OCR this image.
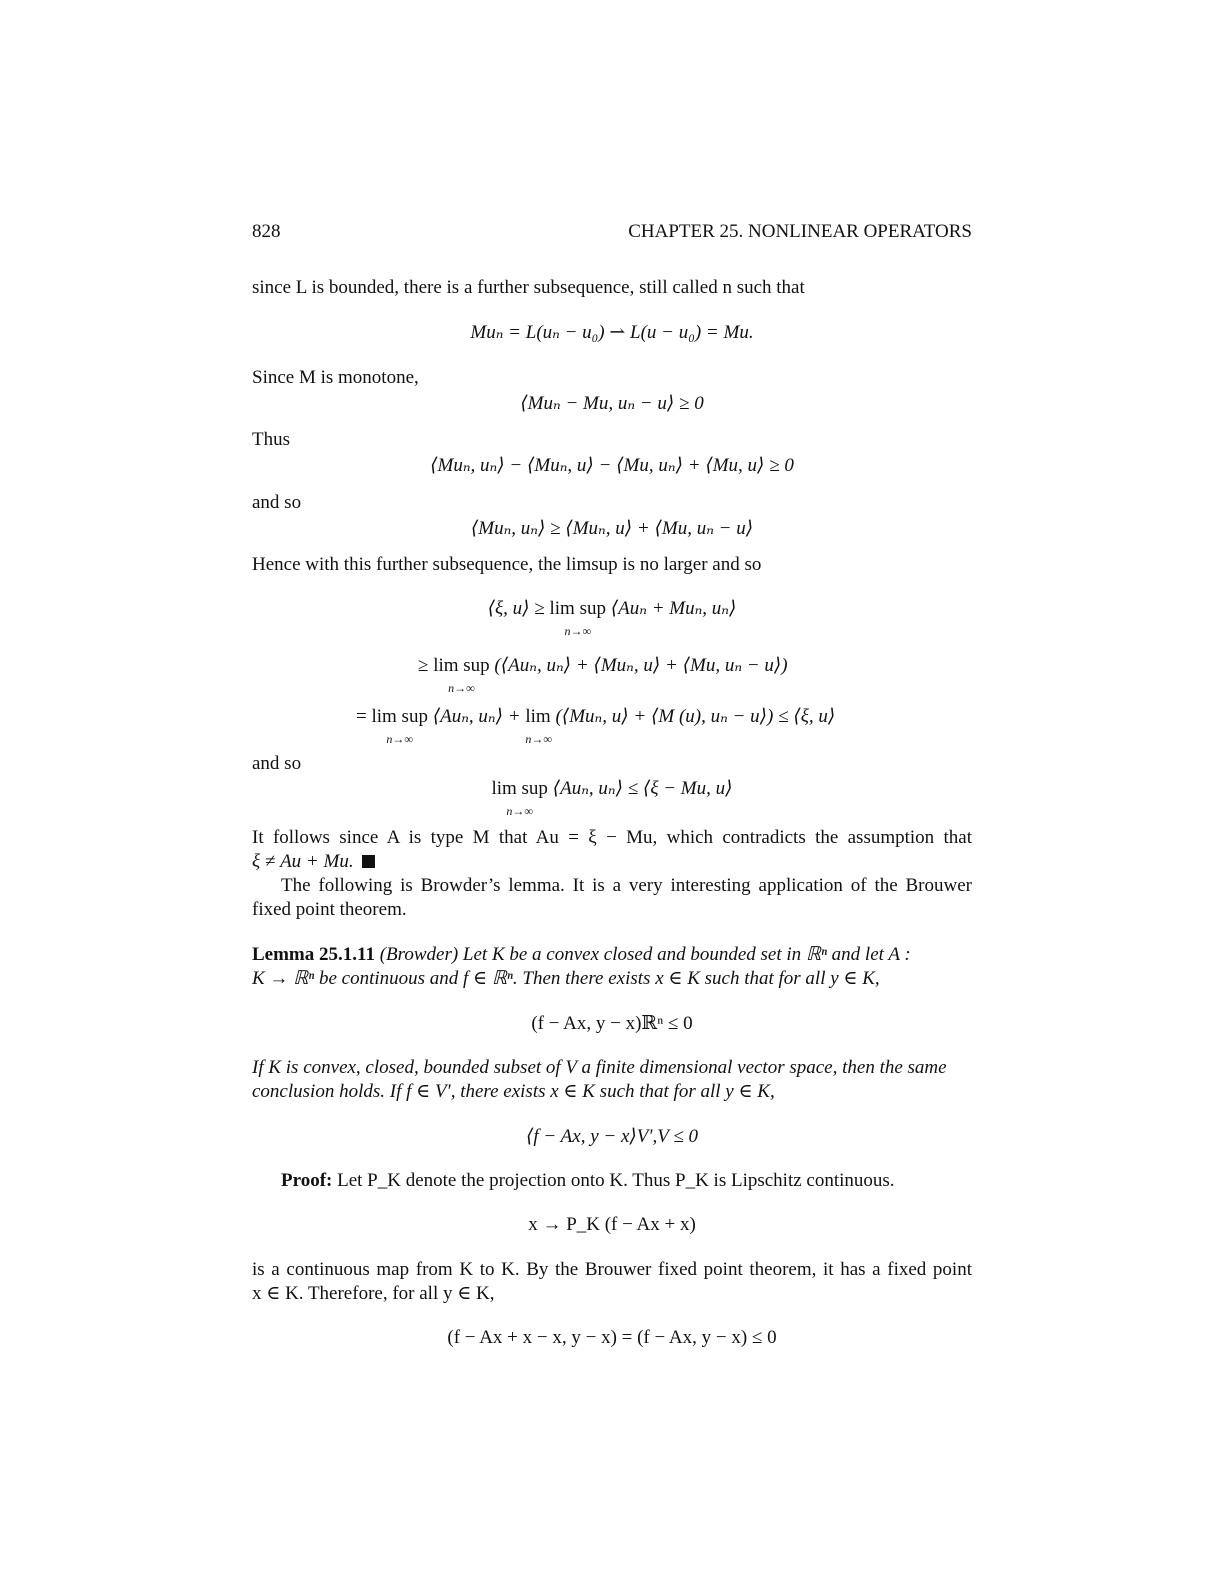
828	CHAPTER 25. NONLINEAR OPERATORS
since L is bounded, there is a further subsequence, still called n such that
Muₙ = L(uₙ − u₀) ⇀ L(u − u₀) = Mu.
Since M is monotone,
⟨Muₙ − Mu, uₙ − u⟩ ≥ 0
Thus
⟨Muₙ, uₙ⟩ − ⟨Muₙ, u⟩ − ⟨Mu, uₙ⟩ + ⟨Mu, u⟩ ≥ 0
and so
⟨Muₙ, uₙ⟩ ≥ ⟨Muₙ, u⟩ + ⟨Mu, uₙ − u⟩
Hence with this further subsequence, the limsup is no larger and so
⟨ξ, u⟩ ≥ lim sup
n→∞
⟨Auₙ + Muₙ, uₙ⟩
≥ lim sup
n→∞
(⟨Auₙ, uₙ⟩ + ⟨Muₙ, u⟩ + ⟨Mu, uₙ − u⟩)
= lim sup
n→∞
⟨Auₙ, uₙ⟩ + lim
n→∞
(⟨Muₙ, u⟩ + ⟨M (u), uₙ − u⟩) ≤ ⟨ξ, u⟩
and so
lim sup
n→∞
⟨Auₙ, uₙ⟩ ≤ ⟨ξ − Mu, u⟩
It follows since A is type M that Au = ξ − Mu, which contradicts the assumption that
ξ ≠ Au + Mu.
The following is Browder’s lemma. It is a very interesting application of the Brouwer
fixed point theorem.
Lemma 25.1.11 (Browder) Let K be a convex closed and bounded set in ℝⁿ and let A :
K → ℝⁿ be continuous and f ∈ ℝⁿ. Then there exists x ∈ K such that for all y ∈ K,
(f − Ax, y − x)ℝⁿ ≤ 0
If K is convex, closed, bounded subset of V a finite dimensional vector space, then the same
conclusion holds. If f ∈ V′, there exists x ∈ K such that for all y ∈ K,
⟨f − Ax, y − x⟩V′,V ≤ 0
Proof: Let P_K denote the projection onto K. Thus P_K is Lipschitz continuous.
x → P_K (f − Ax + x)
is a continuous map from K to K. By the Brouwer fixed point theorem, it has a fixed point
x ∈ K. Therefore, for all y ∈ K,
(f − Ax + x − x, y − x) = (f − Ax, y − x) ≤ 0
